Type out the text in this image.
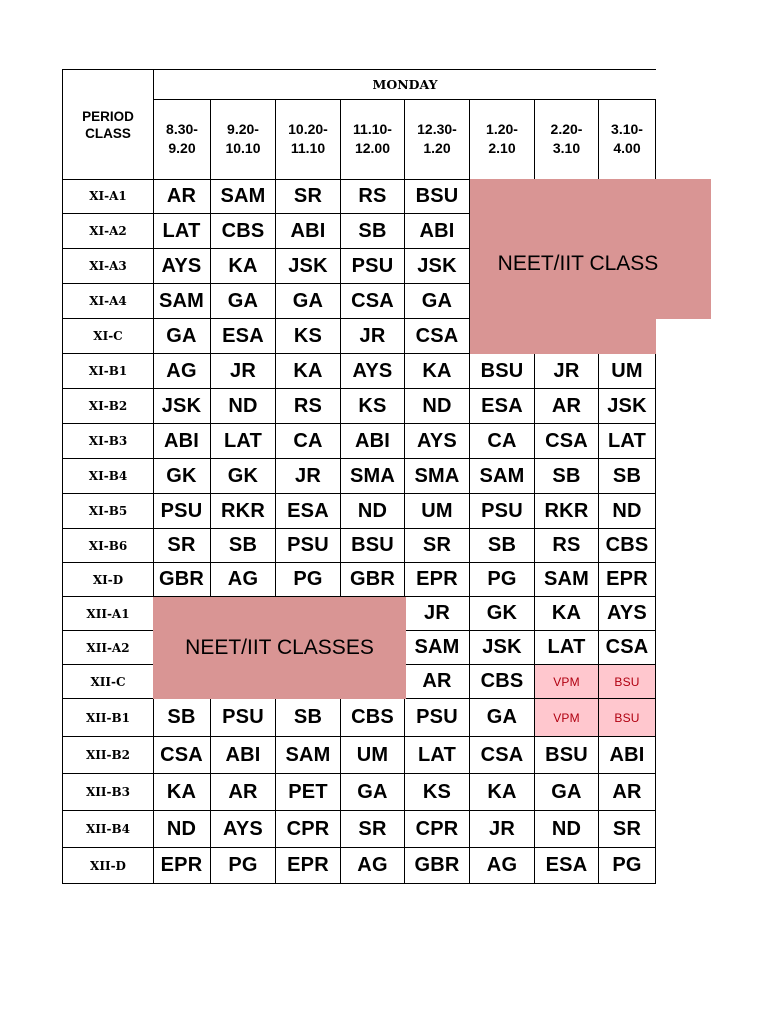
PG
ESA
AG
GBR
AG
EPR
PG
EPR
XII-D
SR
ND
JR
CPR
SR
CPR
AYS
ND
XII-B4
AR
GA
KA
KS
GA
PET
AR
KA
XII-B3
ABI
BSU
CSA
LAT
UM
SAM
ABI
CSA
XII-B2
BSU
VPM
GA
PSU
CBS
SB
PSU
SB
XII-B1
BSU
VPM
CBS
AR
XII-C
CSA
LAT
JSK
SAM
XII-A2
AYS
KA
GK
JR
XII-A1
EPR
SAM
PG
EPR
GBR
PG
AG
GBR
XI-D
CBS
RS
SB
SR
BSU
PSU
SB
SR
XI-B6
ND
RKR
PSU
UM
ND
ESA
RKR
PSU
XI-B5
SB
SB
SAM
SMA
SMA
JR
GK
GK
XI-B4
LAT
CSA
CA
AYS
ABI
CA
LAT
ABI
XI-B3
JSK
AR
ESA
ND
KS
RS
ND
JSK
XI-B2
UM
JR
BSU
KA
AYS
KA
JR
AG
XI-B1
CSA
JR
KS
ESA
GA
XI-C
GA
CSA
GA
GA
SAM
XI-A4
JSK
PSU
JSK
KA
AYS
XI-A3
ABI
SB
ABI
CBS
LAT
XI-A2
BSU
RS
SR
SAM
AR
XI-A1
3.10-
4.00
2.20-
3.10
1.20-
2.10
12.30-
1.20
11.10-
12.00
10.20-
11.10
9.20-
10.10
8.30-
9.20
PERIOD
CLASS
MONDAY
NEET/IIT CLASS
NEET/IIT CLASSES
